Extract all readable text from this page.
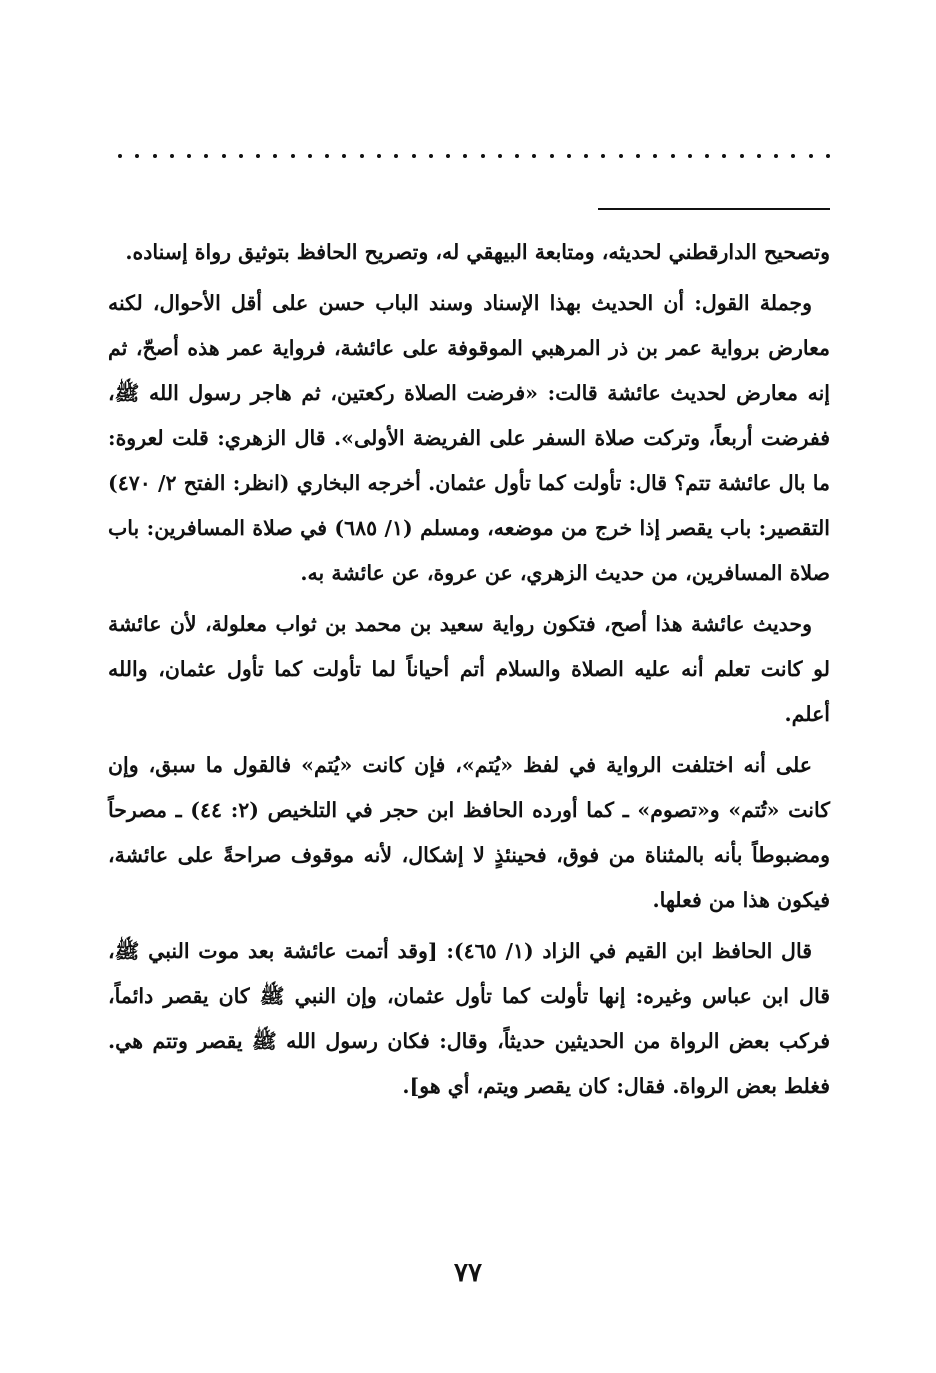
وتصحيح الدارقطني لحديثه، ومتابعة البيهقي له، وتصريح الحافظ بتوثيق رواة إسناده.

وجملة القول: أن الحديث بهذا الإسناد وسند الباب حسن على أقل الأحوال، لكنه معارض برواية عمر بن ذر المرهبي الموقوفة على عائشة، فرواية عمر هذه أصحّ، ثم إنه معارض لحديث عائشة قالت: «فرضت الصلاة ركعتين، ثم هاجر رسول الله ﷺ، ففرضت أربعاً، وتركت صلاة السفر على الفريضة الأولى». قال الزهري: قلت لعروة: ما بال عائشة تتم؟ قال: تأولت كما تأول عثمان. أخرجه البخاري (انظر: الفتح ٢/ ٤٧٠) التقصير: باب يقصر إذا خرج من موضعه، ومسلم (١/ ٦٨٥) في صلاة المسافرين: باب صلاة المسافرين، من حديث الزهري، عن عروة، عن عائشة به.

وحديث عائشة هذا أصح، فتكون رواية سعيد بن محمد بن ثواب معلولة، لأن عائشة لو كانت تعلم أنه عليه الصلاة والسلام أتم أحياناً لما تأولت كما تأول عثمان، والله أعلم.

على أنه اختلفت الرواية في لفظ «يُتم»، فإن كانت «يُتم» فالقول ما سبق، وإن كانت «تُتم» و«تصوم» ـ كما أورده الحافظ ابن حجر في التلخيص (٢: ٤٤) ـ مصرحاً ومضبوطاً بأنه بالمثناة من فوق، فحينئذٍ لا إشكال، لأنه موقوف صراحةً على عائشة، فيكون هذا من فعلها.

قال الحافظ ابن القيم في الزاد (١/ ٤٦٥): [وقد أتمت عائشة بعد موت النبي ﷺ، قال ابن عباس وغيره: إنها تأولت كما تأول عثمان، وإن النبي ﷺ كان يقصر دائماً، فركب بعض الرواة من الحديثين حديثاً، وقال: فكان رسول الله ﷺ يقصر وتتم هي. فغلط بعض الرواة. فقال: كان يقصر ويتم، أي هو].

٧٧
